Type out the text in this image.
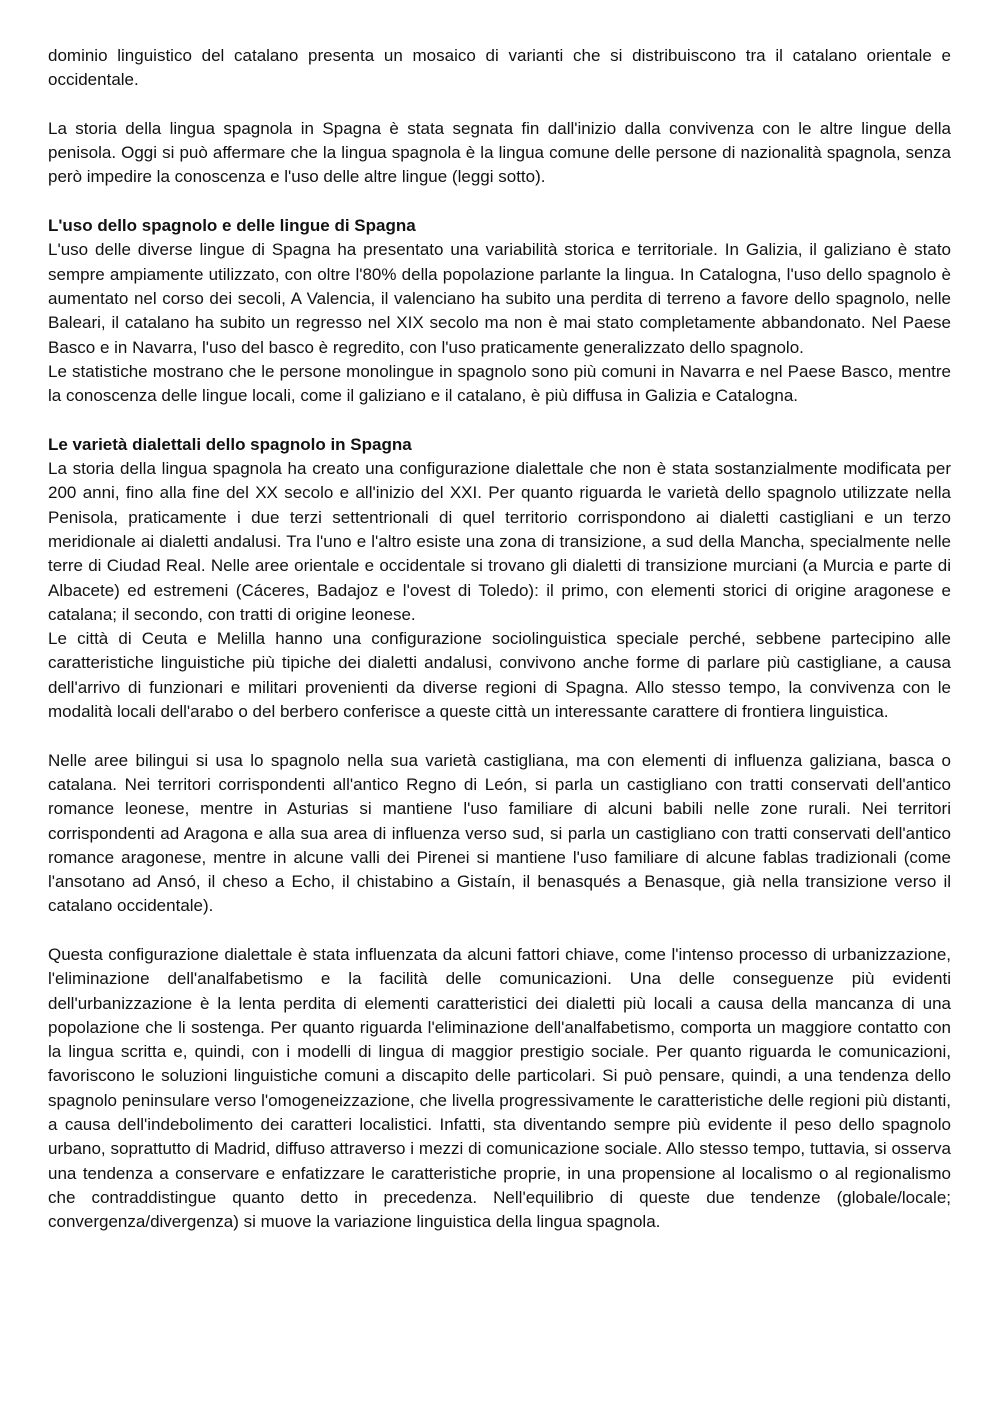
dominio linguistico del catalano presenta un mosaico di varianti che si distribuiscono tra il catalano orientale e occidentale.

La storia della lingua spagnola in Spagna è stata segnata fin dall'inizio dalla convivenza con le altre lingue della penisola. Oggi si può affermare che la lingua spagnola è la lingua comune delle persone di nazionalità spagnola, senza però impedire la conoscenza e l'uso delle altre lingue (leggi sotto).

L'uso dello spagnolo e delle lingue di Spagna

L'uso delle diverse lingue di Spagna ha presentato una variabilità storica e territoriale. In Galizia, il galiziano è stato sempre ampiamente utilizzato, con oltre l'80% della popolazione parlante la lingua. In Catalogna, l'uso dello spagnolo è aumentato nel corso dei secoli, A Valencia, il valenciano ha subito una perdita di terreno a favore dello spagnolo, nelle Baleari, il catalano ha subito un regresso nel XIX secolo ma non è mai stato completamente abbandonato. Nel Paese Basco e in Navarra, l'uso del basco è regredito, con l'uso praticamente generalizzato dello spagnolo.

Le statistiche mostrano che le persone monolingue in spagnolo sono più comuni in Navarra e nel Paese Basco, mentre la conoscenza delle lingue locali, come il galiziano e il catalano, è più diffusa in Galizia e Catalogna.

Le varietà dialettali dello spagnolo in Spagna

La storia della lingua spagnola ha creato una configurazione dialettale che non è stata sostanzialmente modificata per 200 anni, fino alla fine del XX secolo e all'inizio del XXI. Per quanto riguarda le varietà dello spagnolo utilizzate nella Penisola, praticamente i due terzi settentrionali di quel territorio corrispondono ai dialetti castigliani e un terzo meridionale ai dialetti andalusi. Tra l'uno e l'altro esiste una zona di transizione, a sud della Mancha, specialmente nelle terre di Ciudad Real. Nelle aree orientale e occidentale si trovano gli dialetti di transizione murciani (a Murcia e parte di Albacete) ed estremeni (Cáceres, Badajoz e l'ovest di Toledo): il primo, con elementi storici di origine aragonese e catalana; il secondo, con tratti di origine leonese.

Le città di Ceuta e Melilla hanno una configurazione sociolinguistica speciale perché, sebbene partecipino alle caratteristiche linguistiche più tipiche dei dialetti andalusi, convivono anche forme di parlare più castigliane, a causa dell'arrivo di funzionari e militari provenienti da diverse regioni di Spagna. Allo stesso tempo, la convivenza con le modalità locali dell'arabo o del berbero conferisce a queste città un interessante carattere di frontiera linguistica.

Nelle aree bilingui si usa lo spagnolo nella sua varietà castigliana, ma con elementi di influenza galiziana, basca o catalana. Nei territori corrispondenti all'antico Regno di León, si parla un castigliano con tratti conservati dell'antico romance leonese, mentre in Asturias si mantiene l'uso familiare di alcuni babili nelle zone rurali. Nei territori corrispondenti ad Aragona e alla sua area di influenza verso sud, si parla un castigliano con tratti conservati dell'antico romance aragonese, mentre in alcune valli dei Pirenei si mantiene l'uso familiare di alcune fablas tradizionali (come l'ansotano ad Ansó, il cheso a Echo, il chistabino a Gistaín, il benasqués a Benasque, già nella transizione verso il catalano occidentale).

Questa configurazione dialettale è stata influenzata da alcuni fattori chiave, come l'intenso processo di urbanizzazione, l'eliminazione dell'analfabetismo e la facilità delle comunicazioni. Una delle conseguenze più evidenti dell'urbanizzazione è la lenta perdita di elementi caratteristici dei dialetti più locali a causa della mancanza di una popolazione che li sostenga. Per quanto riguarda l'eliminazione dell'analfabetismo, comporta un maggiore contatto con la lingua scritta e, quindi, con i modelli di lingua di maggior prestigio sociale. Per quanto riguarda le comunicazioni, favoriscono le soluzioni linguistiche comuni a discapito delle particolari. Si può pensare, quindi, a una tendenza dello spagnolo peninsulare verso l'omogeneizzazione, che livella progressivamente le caratteristiche delle regioni più distanti, a causa dell'indebolimento dei caratteri localistici. Infatti, sta diventando sempre più evidente il peso dello spagnolo urbano, soprattutto di Madrid, diffuso attraverso i mezzi di comunicazione sociale. Allo stesso tempo, tuttavia, si osserva una tendenza a conservare e enfatizzare le caratteristiche proprie, in una propensione al localismo o al regionalismo che contraddistingue quanto detto in precedenza. Nell'equilibrio di queste due tendenze (globale/locale; convergenza/divergenza) si muove la variazione linguistica della lingua spagnola.
